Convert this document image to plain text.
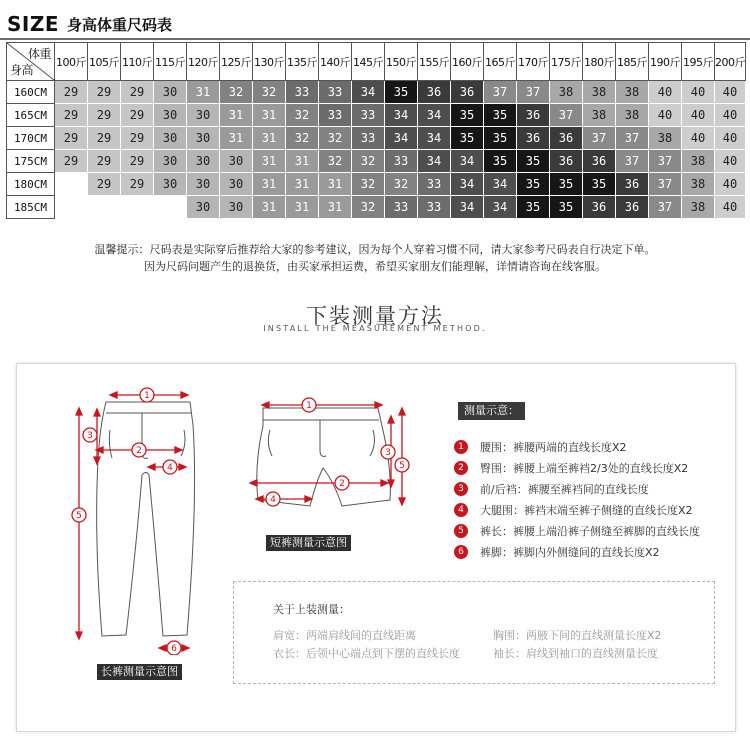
SIZE 身高体重尺码表
体重
身高	100斤	105斤	110斤	115斤	120斤	125斤	130斤	135斤	140斤	145斤	150斤	155斤	160斤	165斤	170斤	175斤	180斤	185斤	190斤	195斤	200斤
160CM	29	29	29	30	31	32	32	33	33	34	35	36	36	37	37	38	38	38	40	40	40
165CM	29	29	29	30	30	31	31	32	33	33	34	34	35	35	36	37	38	38	40	40	40
170CM	29	29	29	30	30	31	31	32	32	33	34	34	35	35	36	36	37	37	38	40	40
175CM	29	29	29	30	30	30	31	31	32	32	33	34	34	35	35	36	36	37	37	38	40
180CM		29	29	30	30	30	31	31	31	32	32	33	34	34	35	35	35	36	37	38	40
185CM					30	30	31	31	31	32	33	33	34	34	35	35	36	36	37	38	40
温馨提示：尺码表是实际穿后推荐给大家的参考建议，因为每个人穿着习惯不同，请大家参考尺码表自行决定下单。
因为尺码问题产生的退换货，由买家承担运费，希望买家朋友们能理解，详情请咨询在线客服。
下装测量方法
INSTALL THE MEASUREMENT METHOD.
1
2
3
4
5
6
长裤测量示意图
1
2
4
3
5
短裤测量示意图
测量示意：
1	腰围：裤腰两端的直线长度X2
2	臀围：裤腰上端至裤裆2/3处的直线长度X2
3	前/后裆：裤腰至裤裆间的直线长度
4	大腿围：裤裆末端至裤子侧缝的直线长度X2
5	裤长：裤腰上端沿裤子侧缝至裤脚的直线长度
6	裤脚：裤脚内外侧缝间的直线长度X2
关于上装测量：
肩宽：两端肩线间的直线距离	胸围：两腋下间的直线测量长度X2
衣长：后领中心端点到下摆的直线长度	袖长：肩线到袖口的直线测量长度
